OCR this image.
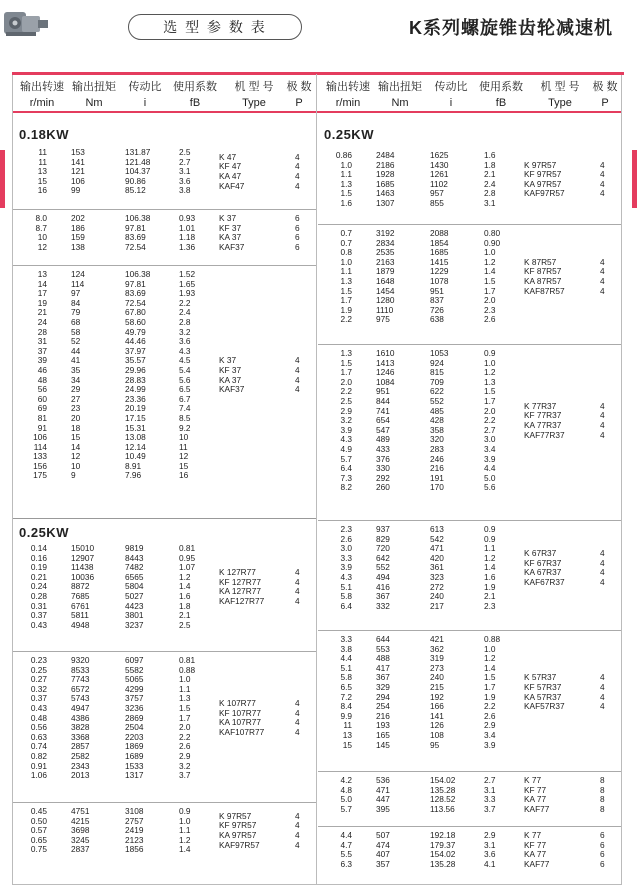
选 型 参 数 表	K系列螺旋锥齿轮减速机
输出转速
r/min
输出扭矩
Nm
传动比
i
使用系数
fB
机 型 号
Type
极 数
P
输出转速
r/min
输出扭矩
Nm
传动比
i
使用系数
fB
机 型 号
Type
极 数
P
0.18KW
11
11
13
15
16
153
141
121
106
99
131.87
121.48
104.37
90.86
85.12
2.5
2.7
3.1
3.6
3.8
K 47
KF 47
KA 47
KAF47
4
4
4
4
8.0
8.7
10
12
202
186
159
138
106.38
97.81
83.69
72.54
0.93
1.01
1.18
1.36
K 37
KF 37
KA 37
KAF37
6
6
6
6
13
14
17
19
21
24
28
31
37
39
46
48
56
60
69
81
91
106
114
133
156
175
124
114
97
84
79
68
58
52
44
41
35
34
29
27
23
20
18
15
14
12
10
9
106.38
97.81
83.69
72.54
67.80
58.60
49.79
44.46
37.97
35.57
29.96
28.83
24.99
23.36
20.19
17.15
15.31
13.08
12.14
10.49
8.91
7.96
1.52
1.65
1.93
2.2
2.4
2.8
3.2
3.6
4.3
4.5
5.4
5.6
6.5
6.7
7.4
8.5
9.2
10
11
12
15
16
K 37
KF 37
KA 37
KAF37
4
4
4
4
0.25KW
0.14
0.16
0.19
0.21
0.24
0.28
0.31
0.37
0.43
15010
12907
11438
10036
8872
7685
6761
5811
4948
9819
8443
7482
6565
5804
5027
4423
3801
3237
0.81
0.95
1.07
1.2
1.4
1.6
1.8
2.1
2.5
K 127R77
KF 127R77
KA 127R77
KAF127R77
4
4
4
4
0.23
0.25
0.27
0.32
0.37
0.43
0.48
0.56
0.63
0.74
0.82
0.91
1.06
9320
8533
7743
6572
5743
4947
4386
3828
3368
2857
2582
2343
2013
6097
5582
5065
4299
3757
3236
2869
2504
2203
1869
1689
1533
1317
0.81
0.88
1.0
1.1
1.3
1.5
1.7
2.0
2.2
2.6
2.9
3.2
3.7
K 107R77
KF 107R77
KA 107R77
KAF107R77
4
4
4
4
0.45
0.50
0.57
0.65
0.75
4751
4215
3698
3245
2837
3108
2757
2419
2123
1856
0.9
1.0
1.1
1.2
1.4
K 97R57
KF 97R57
KA 97R57
KAF97R57
4
4
4
4
0.25KW
0.86
1.0
1.1
1.3
1.5
1.6
2484
2186
1928
1685
1463
1307
1625
1430
1261
1102
957
855
1.6
1.8
2.1
2.4
2.8
3.1
K 97R57
KF 97R57
KA 97R57
KAF97R57
4
4
4
4
0.7
0.7
0.8
1.0
1.1
1.3
1.5
1.7
1.9
2.2
3192
2834
2535
2163
1879
1648
1454
1280
1110
975
2088
1854
1685
1415
1229
1078
951
837
726
638
0.80
0.90
1.0
1.2
1.4
1.5
1.7
2.0
2.3
2.6
K 87R57
KF 87R57
KA 87R57
KAF87R57
4
4
4
4
1.3
1.5
1.7
2.0
2.2
2.5
2.9
3.2
3.9
4.3
4.9
5.7
6.4
7.3
8.2
1610
1413
1246
1084
951
844
741
654
547
489
433
376
330
292
260
1053
924
815
709
622
552
485
428
358
320
283
246
216
191
170
0.9
1.0
1.2
1.3
1.5
1.7
2.0
2.2
2.7
3.0
3.4
3.9
4.4
5.0
5.6
K 77R37
KF 77R37
KA 77R37
KAF77R37
4
4
4
4
2.3
2.6
3.0
3.3
3.9
4.3
5.1
5.8
6.4
937
829
720
642
552
494
416
367
332
613
542
471
420
361
323
272
240
217
0.9
0.9
1.1
1.2
1.4
1.6
1.9
2.1
2.3
K 67R37
KF 67R37
KA 67R37
KAF67R37
4
4
4
4
3.3
3.8
4.4
5.1
5.8
6.5
7.2
8.4
9.9
11
13
15
644
553
488
417
367
329
294
254
216
193
165
145
421
362
319
273
240
215
192
166
141
126
108
95
0.88
1.0
1.2
1.4
1.5
1.7
1.9
2.2
2.6
2.9
3.4
3.9
K 57R37
KF 57R37
KA 57R37
KAF57R37
4
4
4
4
4.2
4.8
5.0
5.7
536
471
447
395
154.02
135.28
128.52
113.56
2.7
3.1
3.3
3.7
K 77
KF 77
KA 77
KAF77
8
8
8
8
4.4
4.7
5.5
6.3
507
474
407
357
192.18
179.37
154.02
135.28
2.9
3.1
3.6
4.1
K 77
KF 77
KA 77
KAF77
6
6
6
6
